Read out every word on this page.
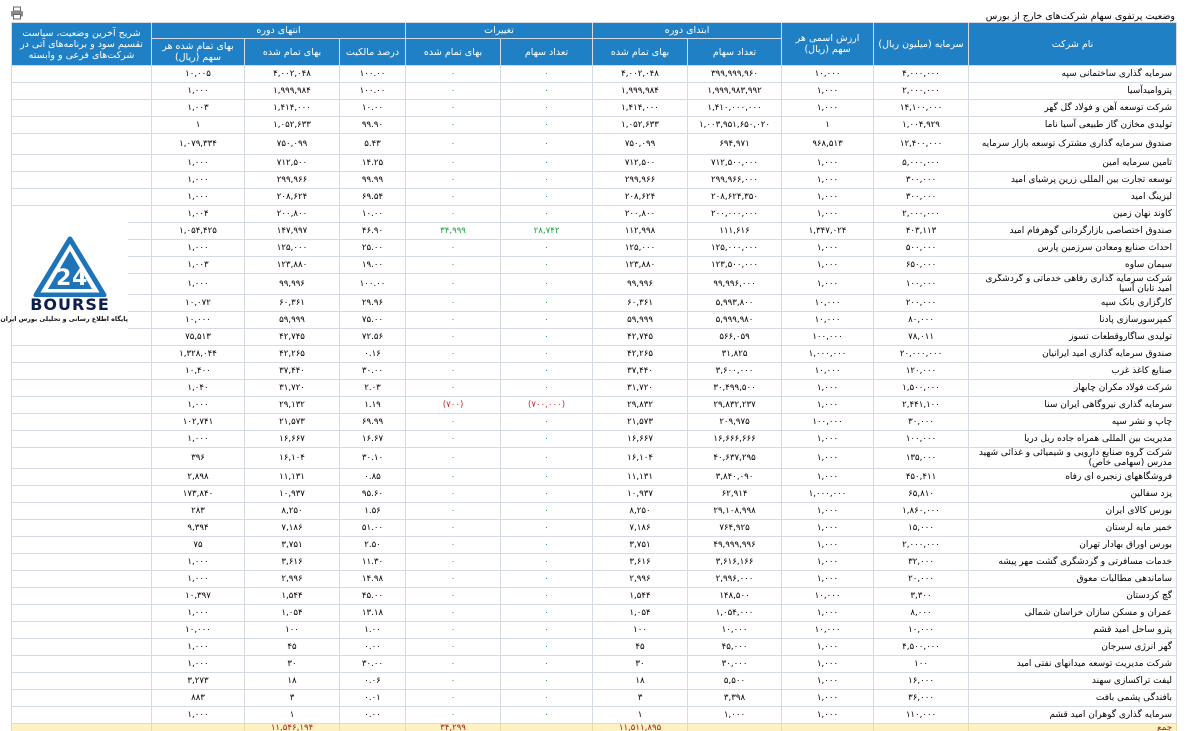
وضعیت پرتفوی سهام شرکت‌های خارج از بورس
نام شرکت	سرمایه (میلیون ریال)	ارزش اسمی هر سهم (ریال)	ابتدای دوره		تغییرات		انتهای دوره			شریح آخرین وضعیت، سیاست تقسیم سود و برنامه‌های آتی در شرکت‌های فرعی و وابسته
			تعداد سهام	بهای تمام شده	تعداد سهام	بهای تمام شده	درصد مالکیت	بهای تمام شده	بهای تمام شده هر سهم (ریال)	
سرمایه گذاری ساختمانی سپه	۴,۰۰۰,۰۰۰	۱۰,۰۰۰	۳۹۹,۹۹۹,۹۶۰	۴,۰۰۲,۰۴۸	۰	۰	۱۰۰.۰۰	۴,۰۰۲,۰۴۸	۱۰,۰۰۵	
پتروامیدآسیا	۲,۰۰۰,۰۰۰	۱,۰۰۰	۱,۹۹۹,۹۸۳,۹۹۲	۱,۹۹۹,۹۸۴	۰	۰	۱۰۰.۰۰	۱,۹۹۹,۹۸۴	۱,۰۰۰	
شرکت توسعه آهن و فولاد گل گهر	۱۴,۱۰۰,۰۰۰	۱,۰۰۰	۱,۴۱۰,۰۰۰,۰۰۰	۱,۴۱۴,۰۰۰	۰	۰	۱۰.۰۰	۱,۴۱۴,۰۰۰	۱,۰۰۳	
تولیدی مخازن گاز طبیعی آسیا ناما	۱,۰۰۴,۹۲۹	۱	۱,۰۰۳,۹۵۱,۶۵۰,۰۲۰	۱,۰۵۲,۶۳۳	۰	۰	۹۹.۹۰	۱,۰۵۲,۶۳۳	۱	
صندوق سرمایه گذاری مشترک توسعه بازار سرمایه	۱۲,۴۰۰,۰۰۰	۹۶۸,۵۱۳	۶۹۴,۹۷۱	۷۵۰,۰۹۹	۰	۰	۵.۴۳	۷۵۰,۰۹۹	۱,۰۷۹,۳۳۴	
تامین سرمایه امین	۵,۰۰۰,۰۰۰	۱,۰۰۰	۷۱۲,۵۰۰,۰۰۰	۷۱۲,۵۰۰	۰	۰	۱۴.۲۵	۷۱۲,۵۰۰	۱,۰۰۰	
توسعه تجارت بین المللی زرین پرشیای امید	۳۰۰,۰۰۰	۱,۰۰۰	۲۹۹,۹۶۶,۰۰۰	۲۹۹,۹۶۶	۰	۰	۹۹.۹۹	۲۹۹,۹۶۶	۱,۰۰۰	
لیزینگ امید	۳۰۰,۰۰۰	۱,۰۰۰	۲۰۸,۶۲۴,۳۵۰	۲۰۸,۶۲۴	۰	۰	۶۹.۵۴	۲۰۸,۶۲۴	۱,۰۰۰	
کاوند نهان زمین	۲,۰۰۰,۰۰۰	۱,۰۰۰	۲۰۰,۰۰۰,۰۰۰	۲۰۰,۸۰۰	۰	۰	۱۰.۰۰	۲۰۰,۸۰۰	۱,۰۰۴	
صندوق اختصاصی بازارگردانی گوهرفام امید	۴۰۳,۱۱۳	۱,۳۴۷,۰۲۴	۱۱۱,۶۱۶	۱۱۲,۹۹۸	۲۸,۷۴۲	۳۴,۹۹۹	۴۶.۹۰	۱۴۷,۹۹۷	۱,۰۵۴,۴۲۵	
احداث صنایع ومعادن سرزمین پارس	۵۰۰,۰۰۰	۱,۰۰۰	۱۲۵,۰۰۰,۰۰۰	۱۲۵,۰۰۰	۰	۰	۲۵.۰۰	۱۲۵,۰۰۰	۱,۰۰۰	
سیمان ساوه	۶۵۰,۰۰۰	۱,۰۰۰	۱۲۳,۵۰۰,۰۰۰	۱۲۳,۸۸۰	۰	۰	۱۹.۰۰	۱۲۳,۸۸۰	۱,۰۰۳	
شرکت سرمایه گذاری رفاهی خدماتی و گردشگری امید تابان آسیا	۱۰۰,۰۰۰	۱,۰۰۰	۹۹,۹۹۶,۰۰۰	۹۹,۹۹۶	۰	۰	۱۰۰.۰۰	۹۹,۹۹۶	۱,۰۰۰	
کارگزاری بانک سپه	۲۰۰,۰۰۰	۱۰,۰۰۰	۵,۹۹۳,۸۰۰	۶۰,۳۶۱	۰	۰	۲۹.۹۶	۶۰,۳۶۱	۱۰,۰۷۲	
کمپرسورسازی پادنا	۸۰,۰۰۰	۱۰,۰۰۰	۵,۹۹۹,۹۸۰	۵۹,۹۹۹	۰	۰	۷۵.۰۰	۵۹,۹۹۹	۱۰,۰۰۰	
تولیدی ساگاروقطعات تسوز	۷۸,۰۱۱	۱۰۰,۰۰۰	۵۶۶,۰۵۹	۴۲,۷۴۵	۰	۰	۷۲.۵۶	۴۲,۷۴۵	۷۵,۵۱۳	
صندوق سرمایه گذاری امید ایرانیان	۲۰,۰۰۰,۰۰۰	۱,۰۰۰,۰۰۰	۳۱,۸۲۵	۴۲,۲۶۵	۰	۰	۰.۱۶	۴۲,۲۶۵	۱,۳۲۸,۰۴۴	
صنایع کاغذ غرب	۱۲۰,۰۰۰	۱۰,۰۰۰	۳,۶۰۰,۰۰۰	۳۷,۴۴۰	۰	۰	۳۰.۰۰	۳۷,۴۴۰	۱۰,۴۰۰	
شرکت فولاد مکران چابهار	۱,۵۰۰,۰۰۰	۱,۰۰۰	۳۰,۴۹۹,۵۰۰	۳۱,۷۲۰	۰	۰	۲.۰۳	۳۱,۷۲۰	۱,۰۴۰	
سرمایه گذاری نیروگاهی ایران سنا	۲,۴۴۱,۱۰۰	۱,۰۰۰	۲۹,۸۳۲,۲۳۷	۲۹,۸۳۲	(۷۰۰,۰۰۰)	(۷۰۰)	۱.۱۹	۲۹,۱۳۲	۱,۰۰۰	
چاپ و نشر سپه	۳۰,۰۰۰	۱۰۰,۰۰۰	۲۰۹,۹۷۵	۲۱,۵۷۳	۰	۰	۶۹.۹۹	۲۱,۵۷۳	۱۰۲,۷۴۱	
مدیریت بین المللی همراه جاده ریل دریا	۱۰۰,۰۰۰	۱,۰۰۰	۱۶,۶۶۶,۶۶۶	۱۶,۶۶۷	۰	۰	۱۶.۶۷	۱۶,۶۶۷	۱,۰۰۰	
شرکت گروه صنایع دارویی و شیمیائی و غذائی شهید مدرس (سهامی خاص)	۱۳۵,۰۰۰	۱,۰۰۰	۴۰,۶۳۷,۲۹۵	۱۶,۱۰۴	۰	۰	۳۰.۱۰	۱۶,۱۰۴	۳۹۶	
فروشگاههای زنجیره ای رفاه	۴۵۰,۴۱۱	۱,۰۰۰	۳,۸۴۰,۰۹۰	۱۱,۱۳۱	۰	۰	۰.۸۵	۱۱,۱۳۱	۲,۸۹۸	
یزد سفالین	۶۵,۸۱۰	۱,۰۰۰,۰۰۰	۶۲,۹۱۴	۱۰,۹۳۷	۰	۰	۹۵.۶۰	۱۰,۹۳۷	۱۷۳,۸۴۰	
بورس کالای ایران	۱,۸۶۰,۰۰۰	۱,۰۰۰	۲۹,۱۰۸,۹۹۸	۸,۲۵۰	۰	۰	۱.۵۶	۸,۲۵۰	۲۸۳	
خمیر مایه لرستان	۱۵,۰۰۰	۱,۰۰۰	۷۶۴,۹۲۵	۷,۱۸۶	۰	۰	۵۱.۰۰	۷,۱۸۶	۹,۳۹۴	
بورس اوراق بهادار تهران	۲,۰۰۰,۰۰۰	۱,۰۰۰	۴۹,۹۹۹,۹۹۶	۳,۷۵۱	۰	۰	۲.۵۰	۳,۷۵۱	۷۵	
خدمات مسافرتی و گردشگری گشت مهر پیشه	۳۲,۰۰۰	۱,۰۰۰	۳,۶۱۶,۱۶۶	۳,۶۱۶	۰	۰	۱۱.۳۰	۳,۶۱۶	۱,۰۰۰	
ساماندهی مطالبات معوق	۲۰,۰۰۰	۱,۰۰۰	۲,۹۹۶,۰۰۰	۲,۹۹۶	۰	۰	۱۴.۹۸	۲,۹۹۶	۱,۰۰۰	
گچ کردستان	۳,۳۰۰	۱۰,۰۰۰	۱۴۸,۵۰۰	۱,۵۴۴	۰	۰	۴۵.۰۰	۱,۵۴۴	۱۰,۳۹۷	
عمران و مسکن سازان خراسان شمالی	۸,۰۰۰	۱,۰۰۰	۱,۰۵۴,۰۰۰	۱,۰۵۴	۰	۰	۱۳.۱۸	۱,۰۵۴	۱,۰۰۰	
پترو ساحل امید قشم	۱۰,۰۰۰	۱۰,۰۰۰	۱۰,۰۰۰	۱۰۰	۰	۰	۱.۰۰	۱۰۰	۱۰,۰۰۰	
گهر انرژی سیرجان	۴,۵۰۰,۰۰۰	۱,۰۰۰	۴۵,۰۰۰	۴۵	۰	۰	۰.۰۰	۴۵	۱,۰۰۰	
شرکت مدیریت توسعه میدانهای نفتی امید	۱۰۰	۱,۰۰۰	۳۰,۰۰۰	۳۰	۰	۰	۳۰.۰۰	۳۰	۱,۰۰۰	
لیفت تراکسازی سهند	۱۶,۰۰۰	۱,۰۰۰	۵,۵۰۰	۱۸	۰	۰	۰.۰۶	۱۸	۳,۲۷۳	
بافندگی پشمی بافت	۳۶,۰۰۰	۱,۰۰۰	۳,۳۹۸	۳	۰	۰	۰.۰۱	۳	۸۸۳	
سرمایه گذاری گوهران امید قشم	۱۱۰,۰۰۰	۱,۰۰۰	۱,۰۰۰	۱	۰	۰	۰.۰۰	۱	۱,۰۰۰	
جمع				۱۱,۵۱۱,۸۹۵		۳۴,۲۹۹		۱۱,۵۴۶,۱۹۴		
2 4
BOURSE
پایگاه اطلاع رسانی و تحلیلی بورس ایران
